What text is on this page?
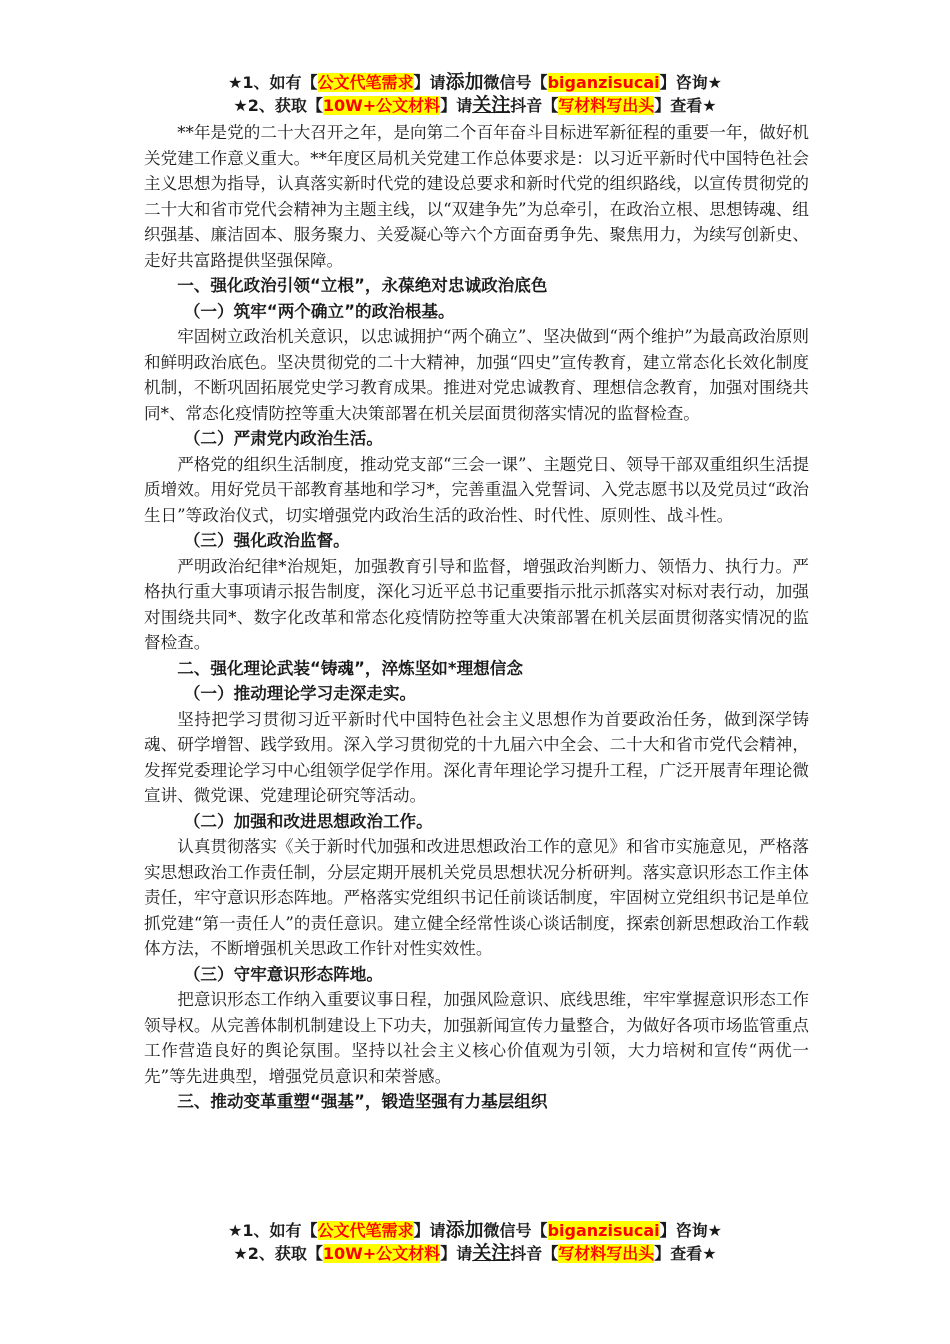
★1、如有【公文代笔需求】请添加微信号【biganzisucai】咨询★
★2、获取【10W+公文材料】请关注抖音【写材料写出头】查看★

**年是党的二十大召开之年，是向第二个百年奋斗目标进军新征程的重要一年，做好机关党建工作意义重大。**年度区局机关党建工作总体要求是：以习近平新时代中国特色社会主义思想为指导，认真落实新时代党的建设总要求和新时代党的组织路线，以宣传贯彻党的二十大和省市党代会精神为主题主线，以“双建争先”为总牵引，在政治立根、思想铸魂、组织强基、廉洁固本、服务聚力、关爱凝心等六个方面奋勇争先、聚焦用力，为续写创新史、走好共富路提供坚强保障。

一、强化政治引领“立根”，永葆绝对忠诚政治底色

（一）筑牢“两个确立”的政治根基。

牢固树立政治机关意识，以忠诚拥护“两个确立”、坚决做到“两个维护”为最高政治原则和鲜明政治底色。坚决贯彻党的二十大精神，加强“四史”宣传教育，建立常态化长效化制度机制，不断巩固拓展党史学习教育成果。推进对党忠诚教育、理想信念教育，加强对围绕共同*、常态化疫情防控等重大决策部署在机关层面贯彻落实情况的监督检查。

（二）严肃党内政治生活。

严格党的组织生活制度，推动党支部“三会一课”、主题党日、领导干部双重组织生活提质增效。用好党员干部教育基地和学习*，完善重温入党誓词、入党志愿书以及党员过“政治生日”等政治仪式，切实增强党内政治生活的政治性、时代性、原则性、战斗性。

（三）强化政治监督。

严明政治纪律*治规矩，加强教育引导和监督，增强政治判断力、领悟力、执行力。严格执行重大事项请示报告制度，深化习近平总书记重要指示批示抓落实对标对表行动，加强对围绕共同*、数字化改革和常态化疫情防控等重大决策部署在机关层面贯彻落实情况的监督检查。

二、强化理论武装“铸魂”，淬炼坚如*理想信念

（一）推动理论学习走深走实。

坚持把学习贯彻习近平新时代中国特色社会主义思想作为首要政治任务，做到深学铸魂、研学增智、践学致用。深入学习贯彻党的十九届六中全会、二十大和省市党代会精神，发挥党委理论学习中心组领学促学作用。深化青年理论学习提升工程，广泛开展青年理论微宣讲、微党课、党建理论研究等活动。

（二）加强和改进思想政治工作。

认真贯彻落实《关于新时代加强和改进思想政治工作的意见》和省市实施意见，严格落实思想政治工作责任制，分层定期开展机关党员思想状况分析研判。落实意识形态工作主体责任，牢守意识形态阵地。严格落实党组织书记任前谈话制度，牢固树立党组织书记是单位抓党建“第一责任人”的责任意识。建立健全经常性谈心谈话制度，探索创新思想政治工作载体方法，不断增强机关思政工作针对性实效性。

（三）守牢意识形态阵地。

把意识形态工作纳入重要议事日程，加强风险意识、底线思维，牢牢掌握意识形态工作领导权。从完善体制机制建设上下功夫，加强新闻宣传力量整合，为做好各项市场监管重点工作营造良好的舆论氛围。坚持以社会主义核心价值观为引领，大力培树和宣传“两优一先”等先进典型，增强党员意识和荣誉感。

三、推动变革重塑“强基”，锻造坚强有力基层组织

★1、如有【公文代笔需求】请添加微信号【biganzisucai】咨询★
★2、获取【10W+公文材料】请关注抖音【写材料写出头】查看★
